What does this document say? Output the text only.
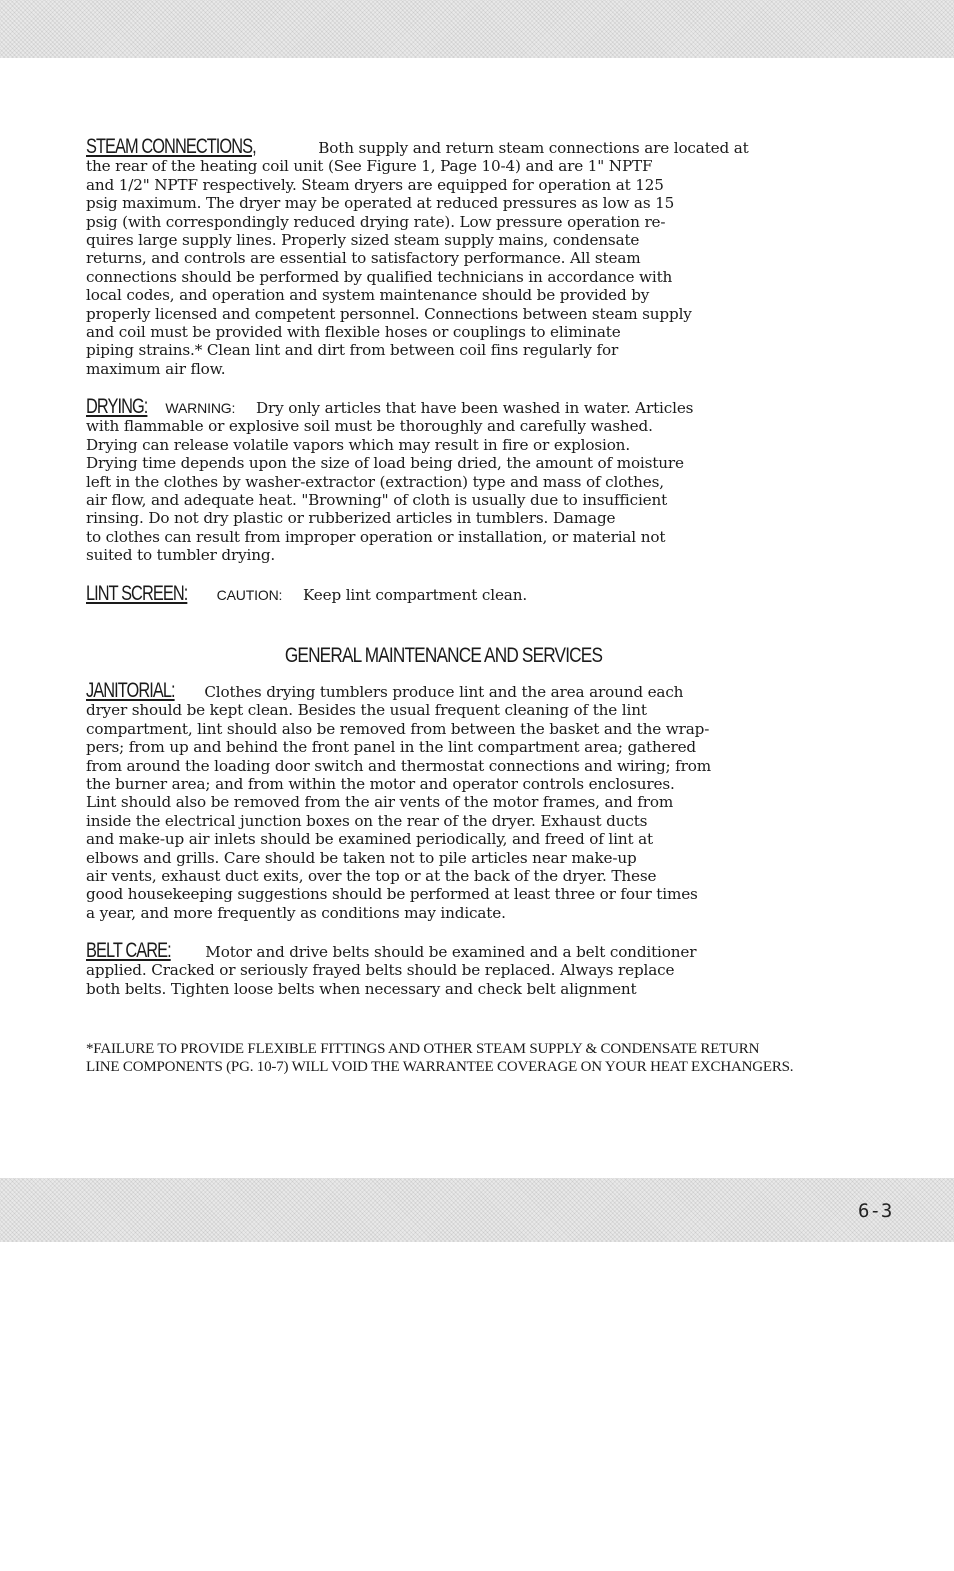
STEAM CONNECTIONS,	Both supply and return steam connections are located at
the rear of the heating coil unit (See Figure 1, Page 10-4) and are 1" NPTF
and 1/2" NPTF respectively. Steam dryers are equipped for operation at 125
psig maximum. The dryer may be operated at reduced pressures as low as 15
psig (with correspondingly reduced drying rate). Low pressure operation re-
quires large supply lines. Properly sized steam supply mains, condensate
returns, and controls are essential to satisfactory performance. All steam
connections should be performed by qualified technicians in accordance with
local codes, and operation and system maintenance should be provided by
properly licensed and competent personnel. Connections between steam supply
and coil must be provided with flexible hoses or couplings to eliminate
piping strains.* Clean lint and dirt from between coil fins regularly for
maximum air flow.
DRYING: WARNING: Dry only articles that have been washed in water. Articles
with flammable or explosive soil must be thoroughly and carefully washed.
Drying can release volatile vapors which may result in fire or explosion.
Drying time depends upon the size of load being dried, the amount of moisture
left in the clothes by washer-extractor (extraction) type and mass of clothes,
air flow, and adequate heat. "Browning" of cloth is usually due to insufficient
rinsing. Do not dry plastic or rubberized articles in tumblers. Damage
to clothes can result from improper operation or installation, or material not
suited to tumbler drying.
LINT SCREEN: CAUTION: Keep lint compartment clean.
GENERAL MAINTENANCE AND SERVICES
JANITORIAL: Clothes drying tumblers produce lint and the area around each
dryer should be kept clean. Besides the usual frequent cleaning of the lint
compartment, lint should also be removed from between the basket and the wrap-
pers; from up and behind the front panel in the lint compartment area; gathered
from around the loading door switch and thermostat connections and wiring; from
the burner area; and from within the motor and operator controls enclosures.
Lint should also be removed from the air vents of the motor frames, and from
inside the electrical junction boxes on the rear of the dryer. Exhaust ducts
and make-up air inlets should be examined periodically, and freed of lint at
elbows and grills. Care should be taken not to pile articles near make-up
air vents, exhaust duct exits, over the top or at the back of the dryer. These
good housekeeping suggestions should be performed at least three or four times
a year, and more frequently as conditions may indicate.
BELT CARE: Motor and drive belts should be examined and a belt conditioner
applied. Cracked or seriously frayed belts should be replaced. Always replace
both belts. Tighten loose belts when necessary and check belt alignment
*FAILURE TO PROVIDE FLEXIBLE FITTINGS AND OTHER STEAM SUPPLY & CONDENSATE RETURN
LINE COMPONENTS (PG. 10-7) WILL VOID THE WARRANTEE COVERAGE ON YOUR HEAT EXCHANGERS.
6-3
